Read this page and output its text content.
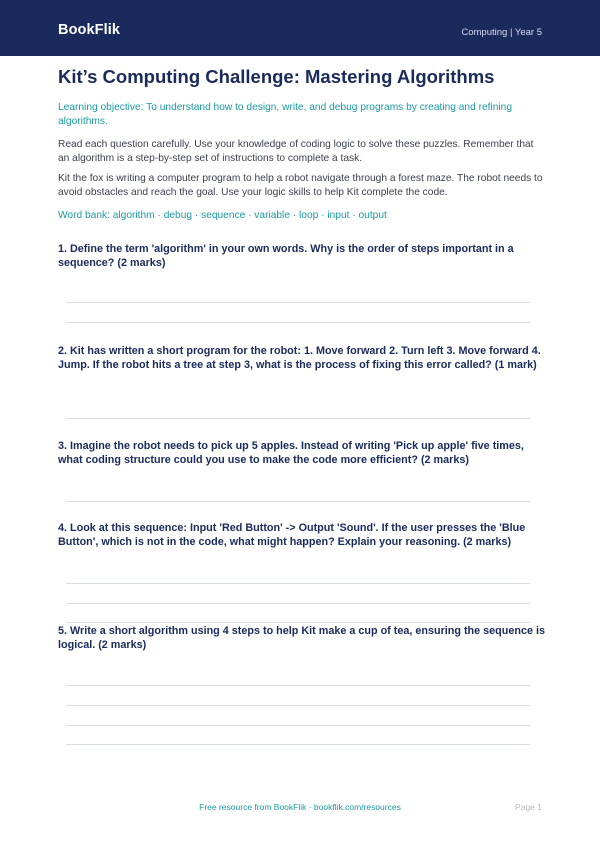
BookFlik	Computing | Year 5
Kit’s Computing Challenge: Mastering Algorithms
Learning objective: To understand how to design, write, and debug programs by creating and refining algorithms.
Read each question carefully. Use your knowledge of coding logic to solve these puzzles. Remember that an algorithm is a step-by-step set of instructions to complete a task.
Kit the fox is writing a computer program to help a robot navigate through a forest maze. The robot needs to avoid obstacles and reach the goal. Use your logic skills to help Kit complete the code.
Word bank: algorithm · debug · sequence · variable · loop · input · output
1. Define the term 'algorithm' in your own words. Why is the order of steps important in a sequence? (2 marks)
2. Kit has written a short program for the robot: 1. Move forward 2. Turn left 3. Move forward 4. Jump. If the robot hits a tree at step 3, what is the process of fixing this error called? (1 mark)
3. Imagine the robot needs to pick up 5 apples. Instead of writing 'Pick up apple' five times, what coding structure could you use to make the code more efficient? (2 marks)
4. Look at this sequence: Input 'Red Button' -> Output 'Sound'. If the user presses the 'Blue Button', which is not in the code, what might happen? Explain your reasoning. (2 marks)
5. Write a short algorithm using 4 steps to help Kit make a cup of tea, ensuring the sequence is logical. (2 marks)
Free resource from BookFlik · bookflik.com/resources	Page 1
